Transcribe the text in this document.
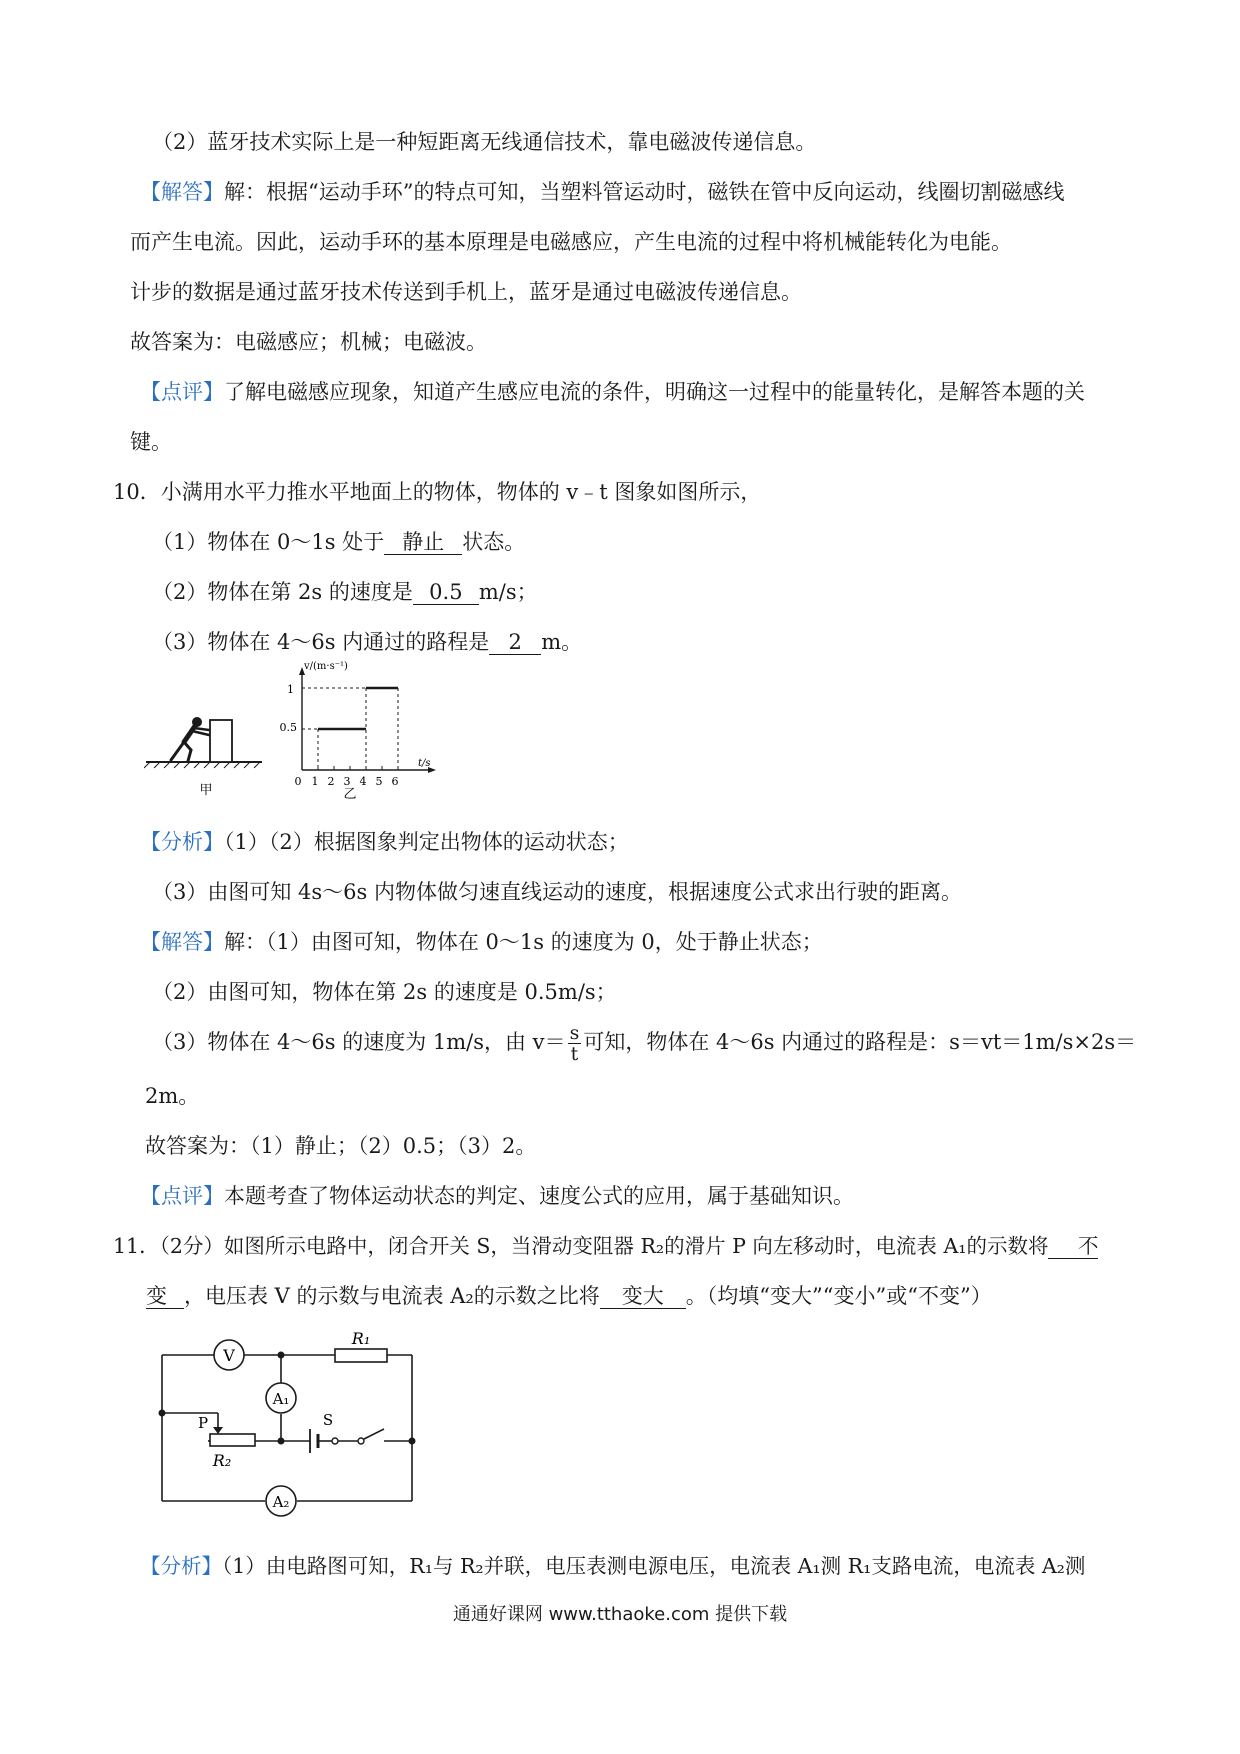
（2）蓝牙技术实际上是一种短距离无线通信技术，靠电磁波传递信息。
【解答】解：根据“运动手环”的特点可知，当塑料管运动时，磁铁在管中反向运动，线圈切割磁感线
而产生电流。因此，运动手环的基本原理是电磁感应，产生电流的过程中将机械能转化为电能。
计步的数据是通过蓝牙技术传送到手机上，蓝牙是通过电磁波传递信息。
故答案为：电磁感应；机械；电磁波。
【点评】了解电磁感应现象，知道产生感应电流的条件，明确这一过程中的能量转化，是解答本题的关
键。
10．小满用水平力推水平地面上的物体，物体的 v﹣t 图象如图所示，
（1）物体在 0～1s 处于 静止 状态。
（2）物体在第 2s 的速度是 0.5 m/s；
（3）物体在 4～6s 内通过的路程是 2 m。
甲
v/(m·s⁻¹)
t/s
1
0.5
0 1 2 3 4 5 6
乙
【分析】（1）（2）根据图象判定出物体的运动状态；
（3）由图可知 4s～6s 内物体做匀速直线运动的速度，根据速度公式求出行驶的距离。
【解答】解：（1）由图可知，物体在 0～1s 的速度为 0，处于静止状态；
（2）由图可知，物体在第 2s 的速度是 0.5m/s；
（3）物体在 4～6s 的速度为 1m/s，由 $v= \frac{s}{t}$ 可知，物体在 4～6s 内通过的路程是：s＝vt＝1m/s×2s＝
2m。
故答案为：（1）静止；（2）0.5；（3）2。
【点评】本题考查了物体运动状态的判定、速度公式的应用，属于基础知识。
11．（2分）如图所示电路中，闭合开关 S，当滑动变阻器 R₂的滑片 P 向左移动时，电流表 A₁的示数将 不
变 ，电压表 V 的示数与电流表 A₂的示数之比将 变大 。（均填“变大”“变小”或“不变”）
V
R₁
A₁
P
R₂
S
A₂
【分析】（1）由电路图可知，R₁与 R₂并联，电压表测电源电压，电流表 A₁测 R₁支路电流，电流表 A₂测
通通好课网 www.tthaoke.com 提供下载
